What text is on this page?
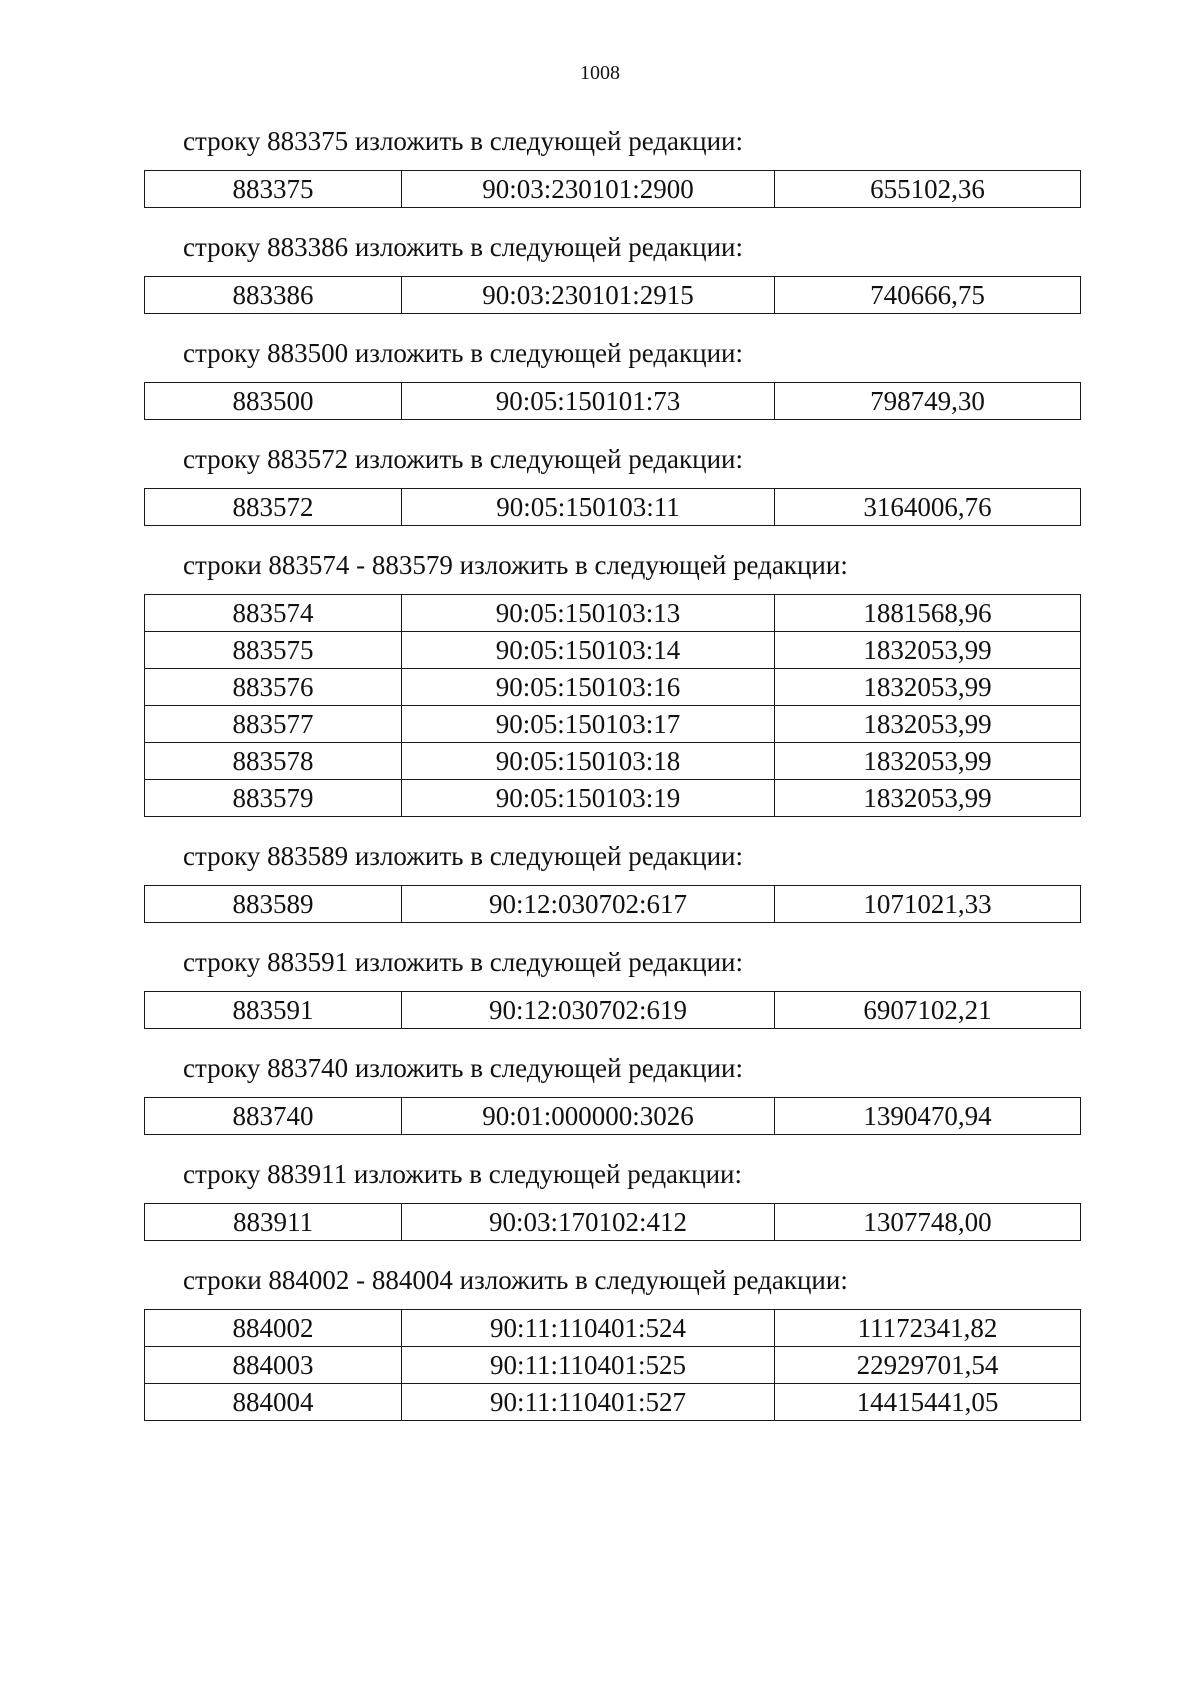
1008
строку 883375 изложить в следующей редакции:
883375	90:03:230101:2900	655102,36
строку 883386 изложить в следующей редакции:
883386	90:03:230101:2915	740666,75
строку 883500 изложить в следующей редакции:
883500	90:05:150101:73	798749,30
строку 883572 изложить в следующей редакции:
883572	90:05:150103:11	3164006,76
строки 883574 - 883579 изложить в следующей редакции:
883574	90:05:150103:13	1881568,96
883575	90:05:150103:14	1832053,99
883576	90:05:150103:16	1832053,99
883577	90:05:150103:17	1832053,99
883578	90:05:150103:18	1832053,99
883579	90:05:150103:19	1832053,99
строку 883589 изложить в следующей редакции:
883589	90:12:030702:617	1071021,33
строку 883591 изложить в следующей редакции:
883591	90:12:030702:619	6907102,21
строку 883740 изложить в следующей редакции:
883740	90:01:000000:3026	1390470,94
строку 883911 изложить в следующей редакции:
883911	90:03:170102:412	1307748,00
строки 884002 - 884004 изложить в следующей редакции:
884002	90:11:110401:524	11172341,82
884003	90:11:110401:525	22929701,54
884004	90:11:110401:527	14415441,05
